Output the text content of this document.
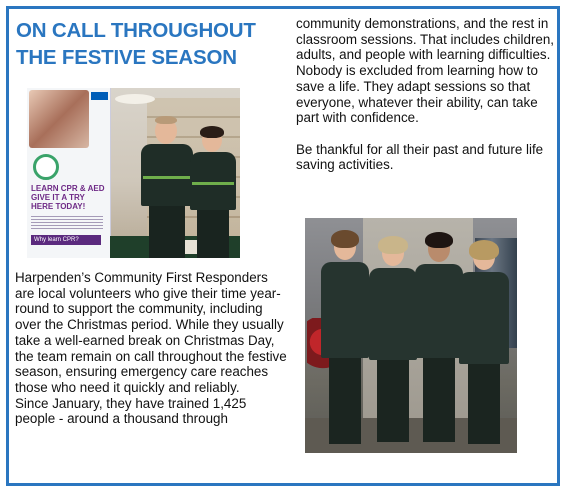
ON CALL THROUGHOUT
THE FESTIVE SEASON
LEARN CPR & AED GIVE IT A TRY HERE TODAY!
Why learn CPR?

Harpenden’s Community First Responders are local volunteers who give their time year-round to support the community, including over the Christmas period. While they usually take a well-earned break on Christmas Day, the team remain on call throughout the festive season, ensuring emergency care reaches those who need it quickly and reliably.

Since January, they have trained 1,425 people - around a thousand through

community demonstrations, and the rest in classroom sessions. That includes children, adults, and people with learning difficulties.

Nobody is excluded from learning how to save a life. They adapt sessions so that everyone, whatever their ability, can take part with confidence.

Be thankful for all their past and future life saving activities.
